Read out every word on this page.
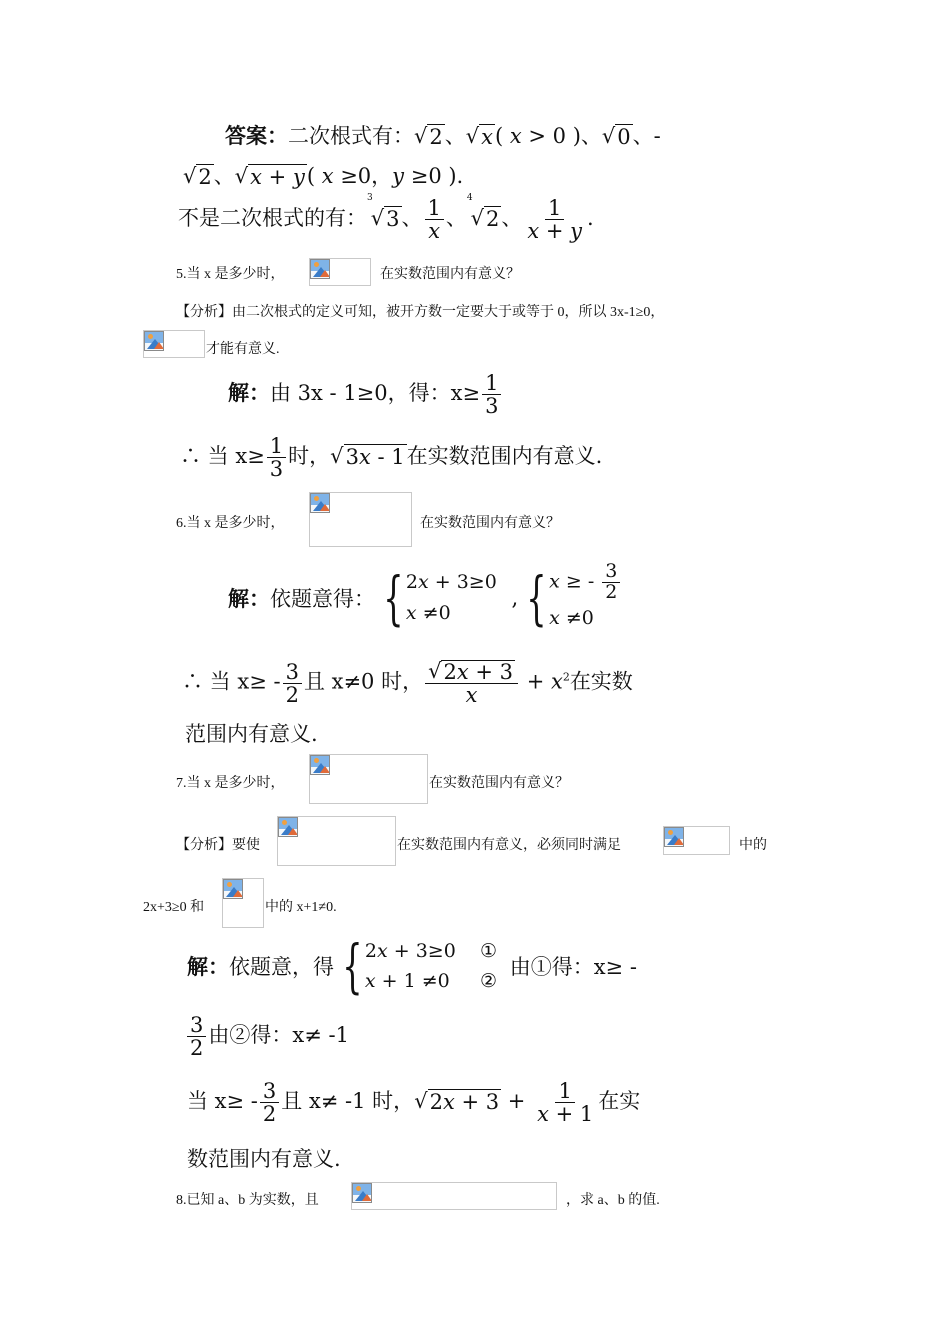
答案：二次根式有： √ 2 、 √ x ( x > 0 )、 √ 0 、-
√ 2 、 √ x + y ( x ≥0，y ≥0 ).
不是二次根式的有：$^3$
√ 3 、 $\frac{1}{x}$ 、$^4$
√ 2 、 $\frac{1}{x + y}$ .
5.当 x 是多少时，	在实数范围内有意义？
【分析】由二次根式的定义可知，被开方数一定要大于或等于 0，所以 3x-1≥0，
才能有意义.
解：由 3x - 1≥0，得：$x\ge \frac{1}{3}$
∴ 当 $x\ge \frac{1}{3}$ 时， √ 3x - 1 在实数范围内有意义.
6.当 x 是多少时，	在实数范围内有意义？
解：依题意得： { 2x + 3≥0
x ≠0
, { x ≥ - $\frac{3}{2}$
x ≠0
∴ 当 $x\ge - \frac{3}{2}$ 且 x≠0 时， $\frac{√ 2x + 3}{x} + x^2$在实数
范围内有意义.
7.当 x 是多少时，	在实数范围内有意义？
【分析】要使	在实数范围内有意义，必须同时满足	中的
2x+3≥0 和	中的 x+1≠0.
解：依题意，得 { 2x + 3≥0    ①
x + 1 ≠0     ②
由①得：x≥ -
$\frac{3}{2}$ 由②得：x≠ -1
当 $x\ge - \frac{3}{2}$ 且 x≠ -1 时， √ $2x + 3 + \frac{1}{x + 1}$ 在实
数范围内有意义.
8.已知 a、b 为实数，且	，求 a、b 的值.
